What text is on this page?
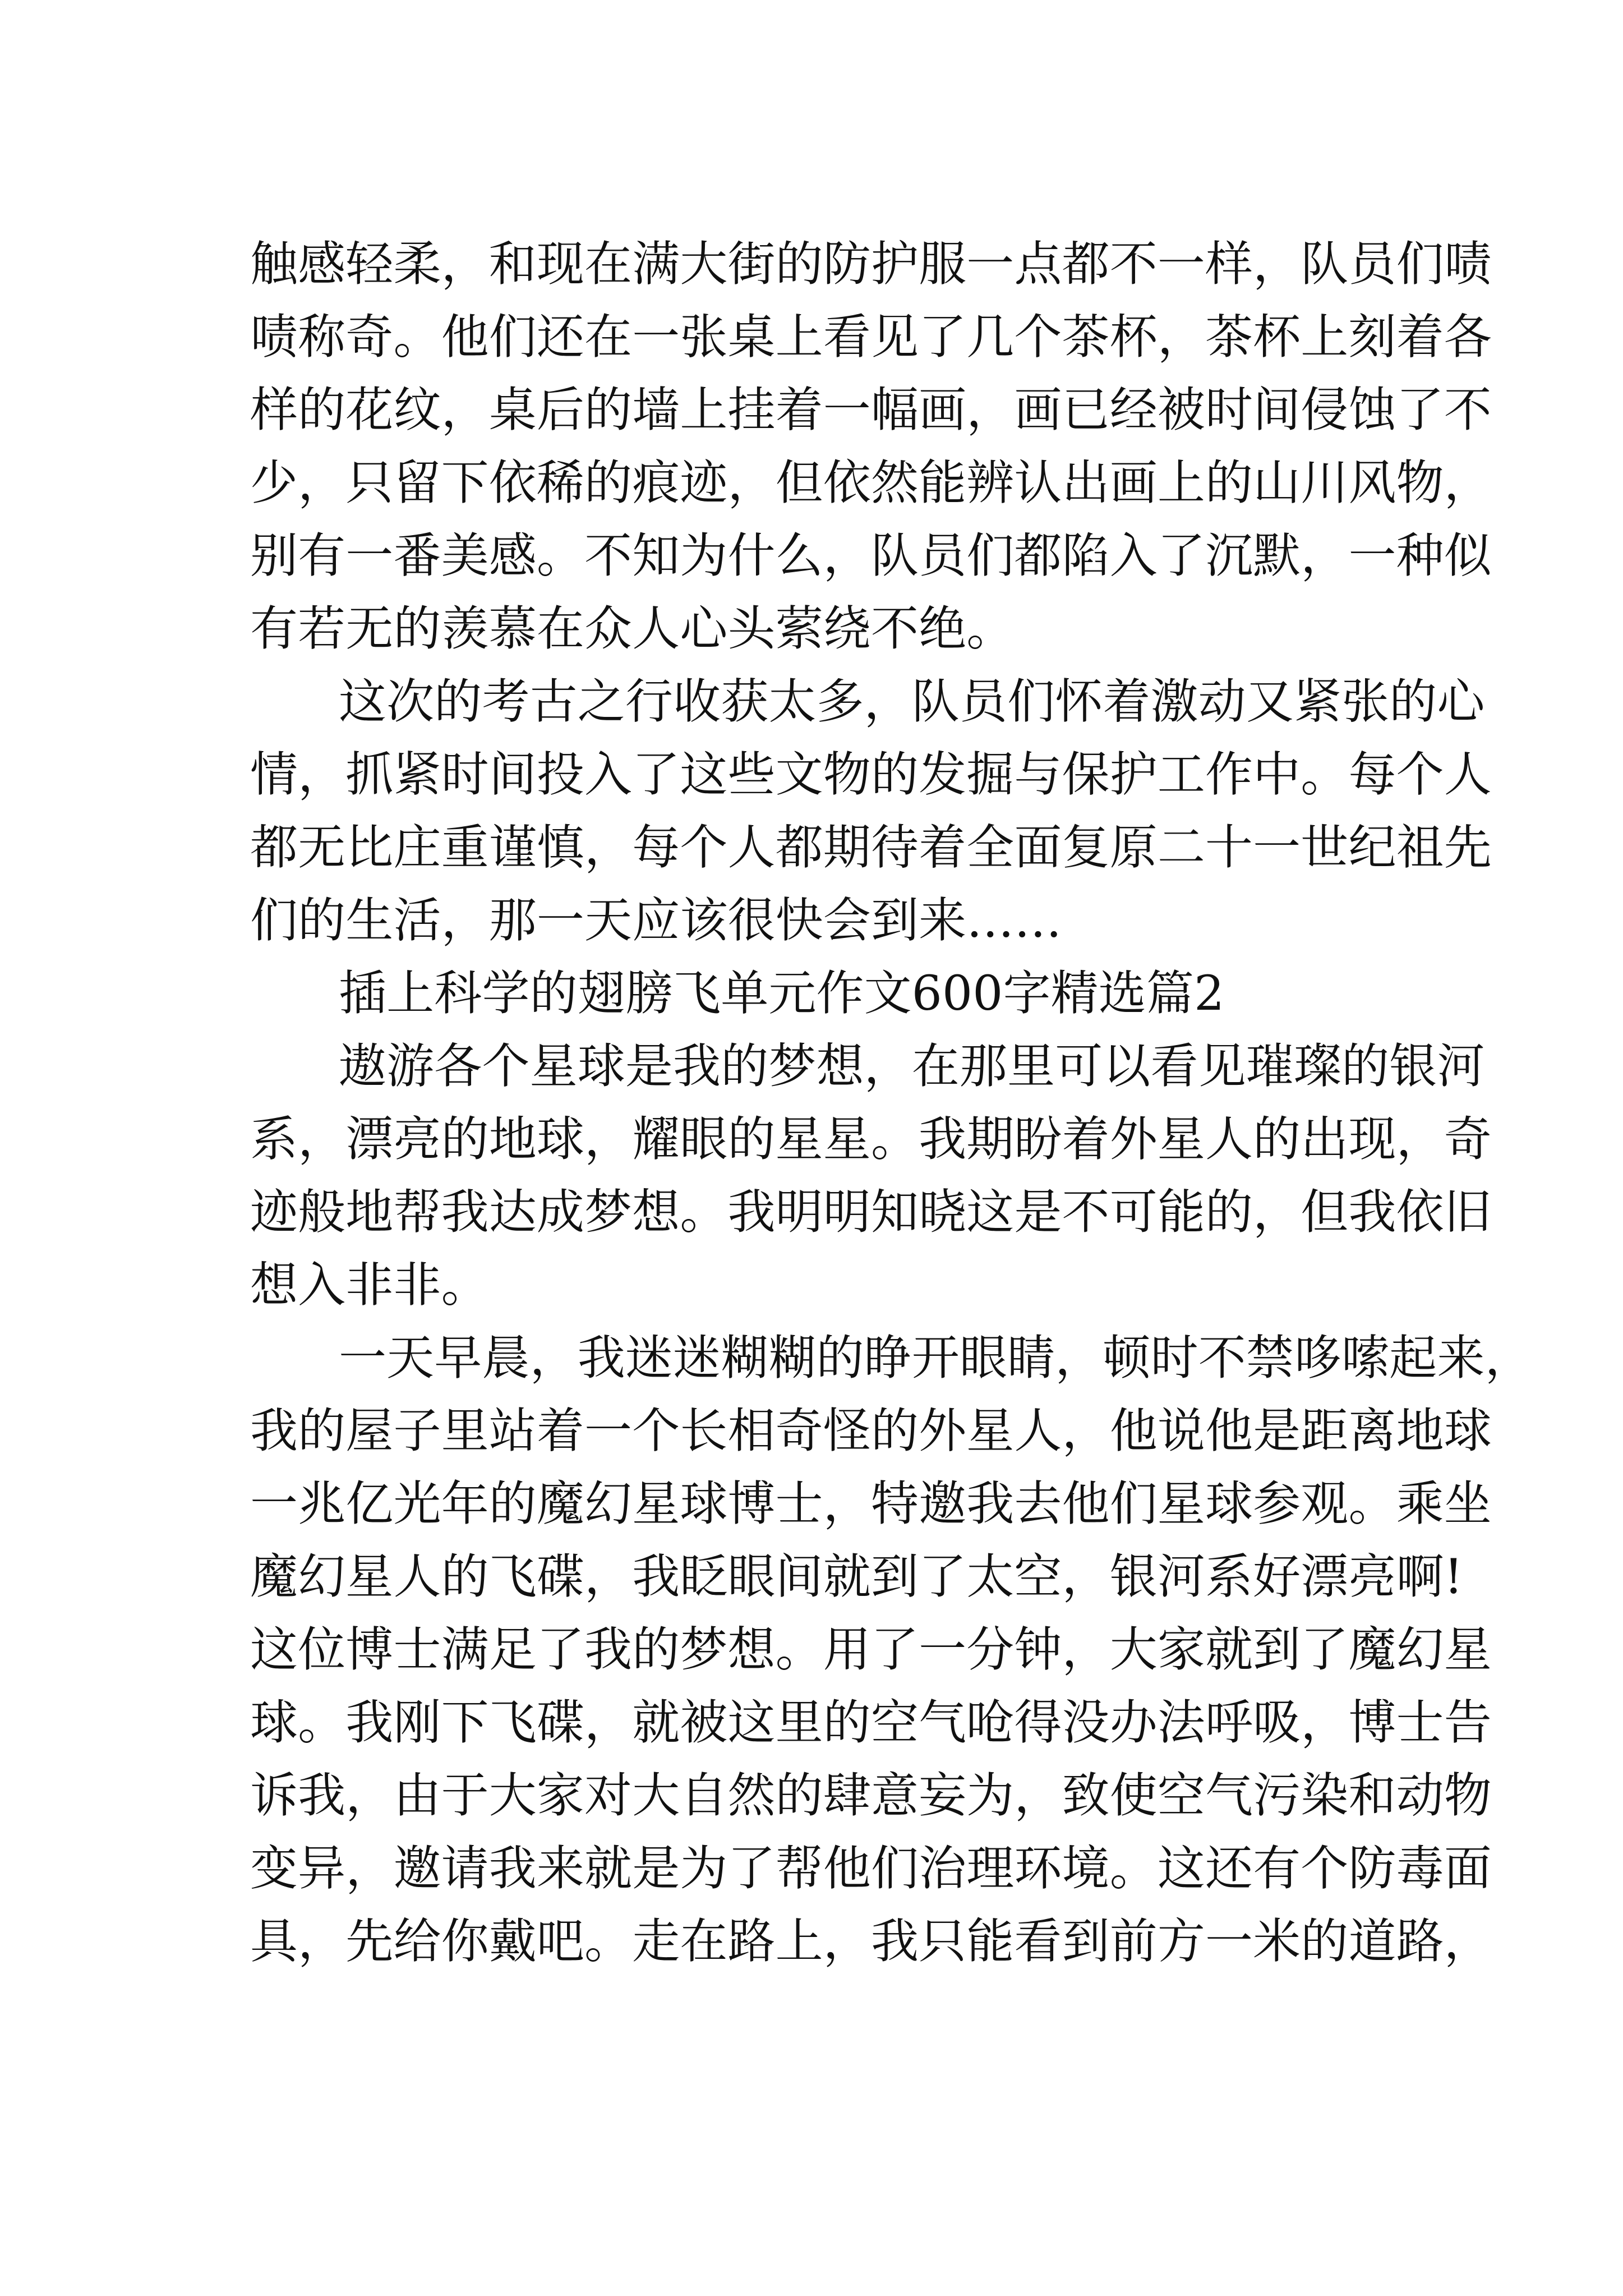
触感轻柔，和现在满大街的防护服一点都不一样，队员们啧
啧称奇。他们还在一张桌上看见了几个茶杯，茶杯上刻着各
样的花纹，桌后的墙上挂着一幅画，画已经被时间侵蚀了不
少，只留下依稀的痕迹，但依然能辨认出画上的山川风物，
别有一番美感。不知为什么，队员们都陷入了沉默，一种似
有若无的羡慕在众人心头萦绕不绝。
这次的考古之行收获太多，队员们怀着激动又紧张的心
情，抓紧时间投入了这些文物的发掘与保护工作中。每个人
都无比庄重谨慎，每个人都期待着全面复原二十一世纪祖先
们的生活，那一天应该很快会到来……
插上科学的翅膀飞单元作文600字精选篇2
遨游各个星球是我的梦想，在那里可以看见璀璨的银河
系，漂亮的地球，耀眼的星星。我期盼着外星人的出现，奇
迹般地帮我达成梦想。我明明知晓这是不可能的，但我依旧
想入非非。
一天早晨，我迷迷糊糊的睁开眼睛，顿时不禁哆嗦起来，
我的屋子里站着一个长相奇怪的外星人，他说他是距离地球
一兆亿光年的魔幻星球博士，特邀我去他们星球参观。乘坐
魔幻星人的飞碟，我眨眼间就到了太空，银河系好漂亮啊!
这位博士满足了我的梦想。用了一分钟，大家就到了魔幻星
球。我刚下飞碟，就被这里的空气呛得没办法呼吸，博士告
诉我，由于大家对大自然的肆意妄为，致使空气污染和动物
变异，邀请我来就是为了帮他们治理环境。这还有个防毒面
具，先给你戴吧。走在路上，我只能看到前方一米的道路，
